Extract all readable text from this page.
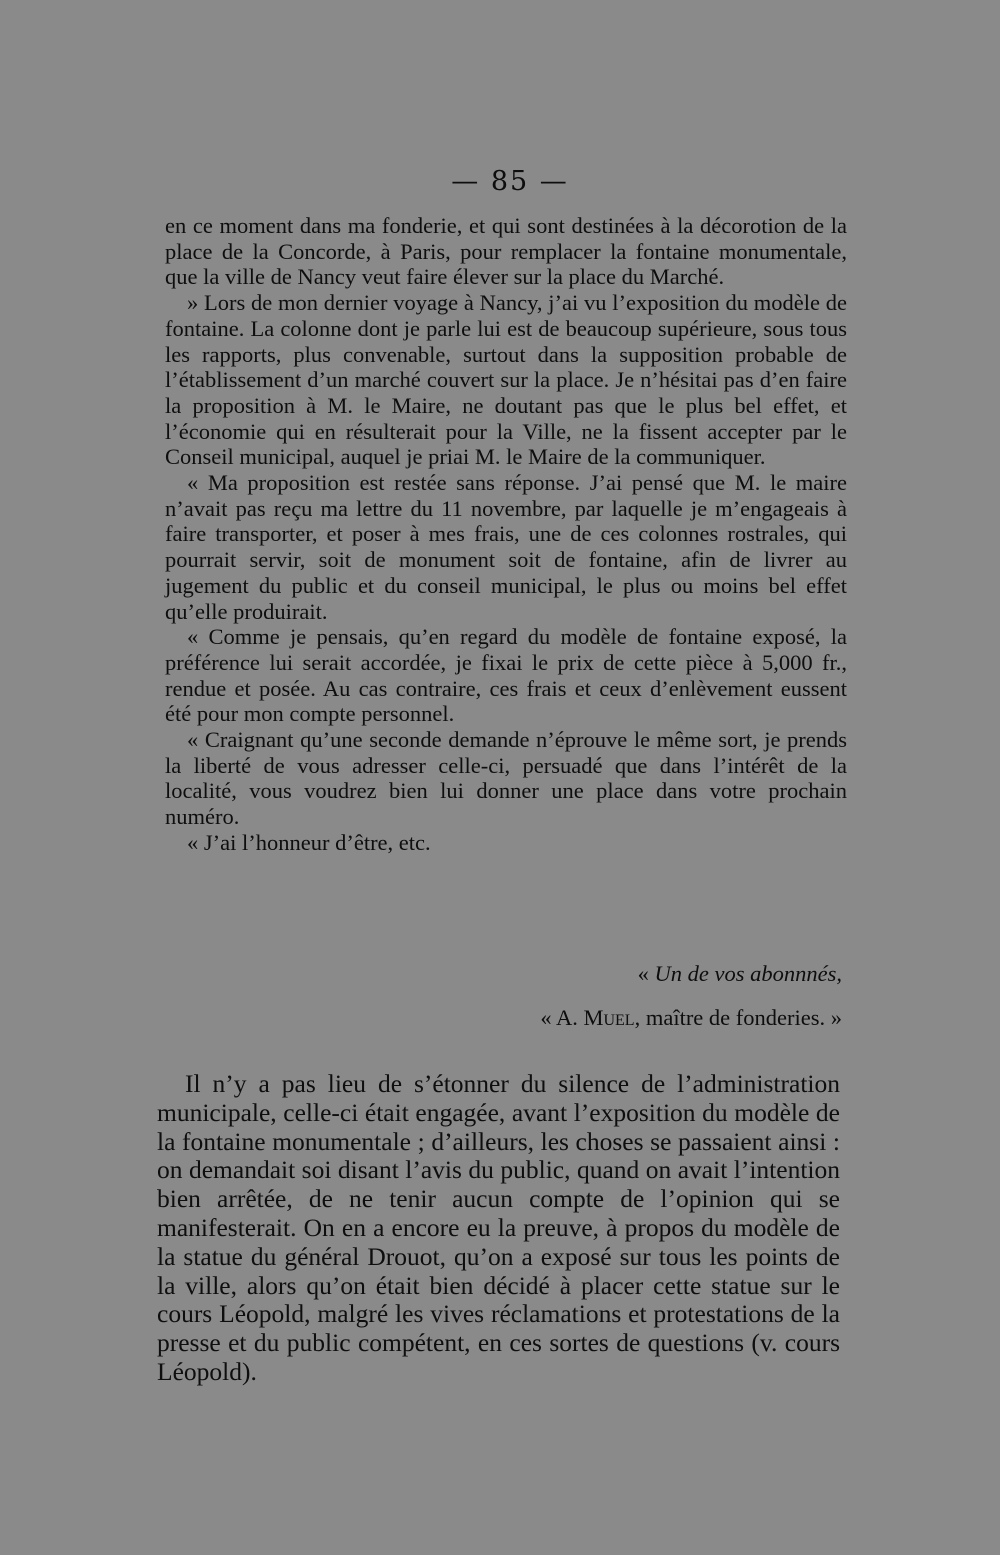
— 85 —

en ce moment dans ma fonderie, et qui sont destinées à la décorotion de la place de la Concorde, à Paris, pour remplacer la fontaine monumentale, que la ville de Nancy veut faire élever sur la place du Marché.

» Lors de mon dernier voyage à Nancy, j’ai vu l’exposition du modèle de fontaine. La colonne dont je parle lui est de beaucoup supérieure, sous tous les rapports, plus convenable, surtout dans la supposition probable de l’établissement d’un marché couvert sur la place. Je n’hésitai pas d’en faire la proposition à M. le Maire, ne doutant pas que le plus bel effet, et l’économie qui en résulterait pour la Ville, ne la fissent accepter par le Conseil municipal, auquel je priai M. le Maire de la communiquer.

« Ma proposition est restée sans réponse. J’ai pensé que M. le maire n’avait pas reçu ma lettre du 11 novembre, par laquelle je m’engageais à faire transporter, et poser à mes frais, une de ces colonnes rostrales, qui pourrait servir, soit de monument soit de fontaine, afin de livrer au jugement du public et du conseil municipal, le plus ou moins bel effet qu’elle produirait.

« Comme je pensais, qu’en regard du modèle de fontaine exposé, la préférence lui serait accordée, je fixai le prix de cette pièce à 5,000 fr., rendue et posée. Au cas contraire, ces frais et ceux d’enlèvement eussent été pour mon compte personnel.

« Craignant qu’une seconde demande n’éprouve le même sort, je prends la liberté de vous adresser celle-ci, persuadé que dans l’intérêt de la localité, vous voudrez bien lui donner une place dans votre prochain numéro.

« J’ai l’honneur d’être, etc.

« Un de vos abonnnés,
« A. Muel, maître de fonderies. »

Il n’y a pas lieu de s’étonner du silence de l’administration municipale, celle-ci était engagée, avant l’exposition du modèle de la fontaine monumentale ; d’ailleurs, les choses se passaient ainsi : on demandait soi disant l’avis du public, quand on avait l’intention bien arrêtée, de ne tenir aucun compte de l’opinion qui se manifesterait. On en a encore eu la preuve, à propos du modèle de la statue du général Drouot, qu’on a exposé sur tous les points de la ville, alors qu’on était bien décidé à placer cette statue sur le cours Léopold, malgré les vives réclamations et protestations de la presse et du public compétent, en ces sortes de questions (v. cours Léopold).
